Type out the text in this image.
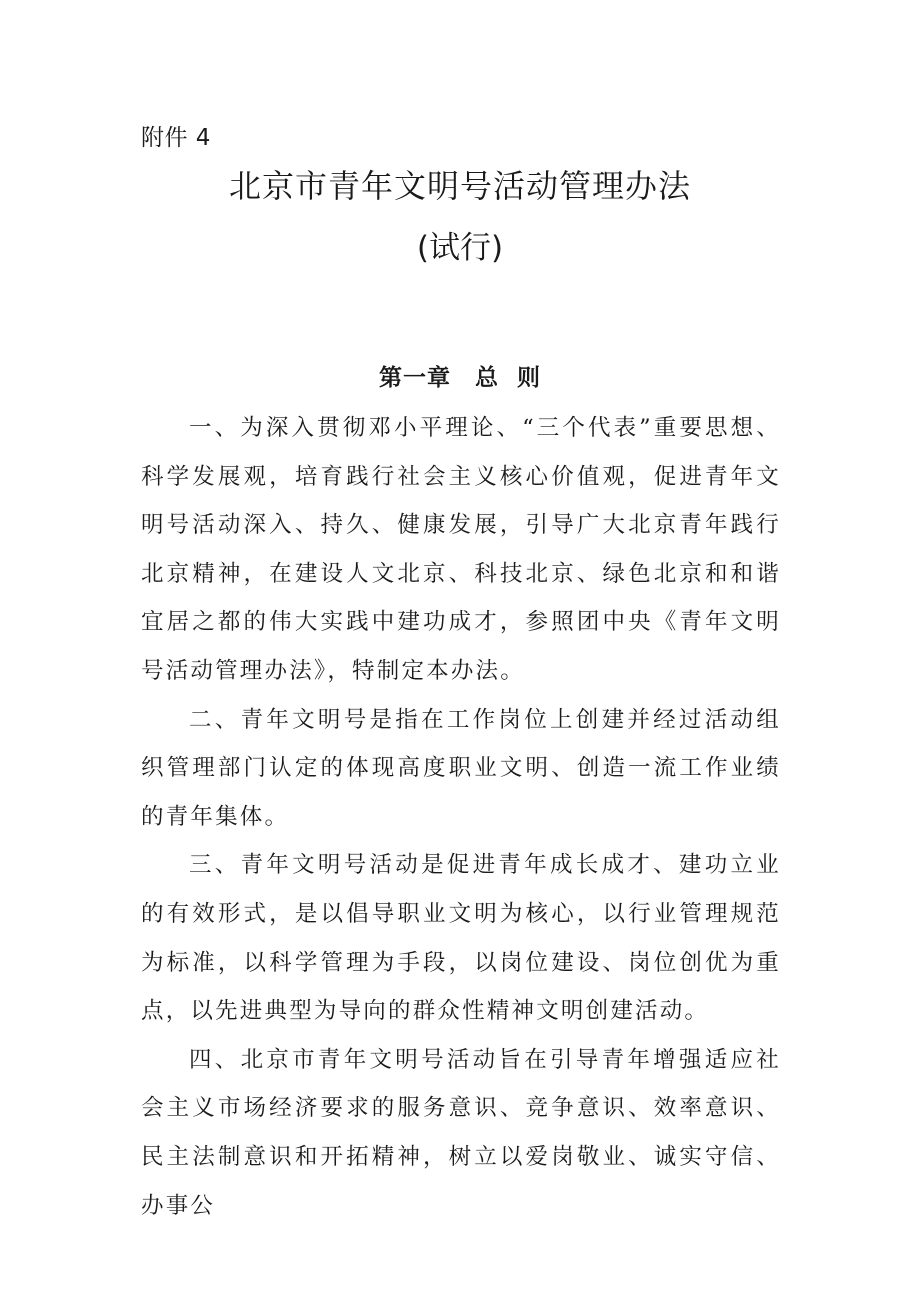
附件 4
北京市青年文明号活动管理办法
(试行)
第一章 总  则

一、为深入贯彻邓小平理论、“三个代表”重要思想、科学发展观，培育践行社会主义核心价值观，促进青年文明号活动深入、持久、健康发展，引导广大北京青年践行北京精神，在建设人文北京、科技北京、绿色北京和和谐宜居之都的伟大实践中建功成才，参照团中央《青年文明号活动管理办法》，特制定本办法。

二、青年文明号是指在工作岗位上创建并经过活动组织管理部门认定的体现高度职业文明、创造一流工作业绩的青年集体。

三、青年文明号活动是促进青年成长成才、建功立业的有效形式，是以倡导职业文明为核心，以行业管理规范为标准，以科学管理为手段，以岗位建设、岗位创优为重点，以先进典型为导向的群众性精神文明创建活动。

四、北京市青年文明号活动旨在引导青年增强适应社会主义市场经济要求的服务意识、竞争意识、效率意识、民主法制意识和开拓精神，树立以爱岗敬业、诚实守信、办事公
